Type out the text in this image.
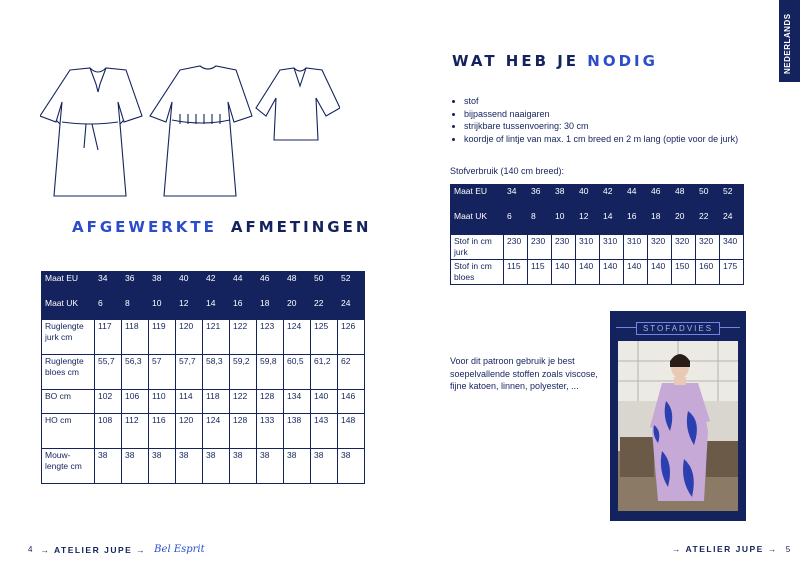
AFGEWERKTE AFMETINGEN
Maat EU	34	36	38	40	42	44	46	48	50	52
Maat UK	6	8	10	12	14	16	18	20	22	24
Ruglengte jurk cm	117	118	119	120	121	122	123	124	125	126
Ruglengte bloes cm	55,7	56,3	57	57,7	58,3	59,2	59,8	60,5	61,2	62
BO cm	102	106	110	114	118	122	128	134	140	146
HO cm	108	112	116	120	124	128	133	138	143	148
Mouw-lengte cm	38	38	38	38	38	38	38	38	38	38
4 → ATELIER JUPE → Bel Esprit
NEDERLANDS
WAT HEB JE NODIG
• stof
• bijpassend naaigaren
• strijkbare tussenvoering: 30 cm
• koordje of lintje van max. 1 cm breed en 2 m lang (optie voor de jurk)
Stofverbruik (140 cm breed):
Maat EU	34	36	38	40	42	44	46	48	50	52
Maat UK	6	8	10	12	14	16	18	20	22	24
Stof in cm jurk	230	230	230	310	310	310	320	320	320	340
Stof in cm bloes	115	115	140	140	140	140	140	150	160	175
Voor dit patroon gebruik je best soepelvallende stoffen zoals viscose, fijne katoen, linnen, polyester, ...
STOFADVIES
→ ATELIER JUPE → 5
